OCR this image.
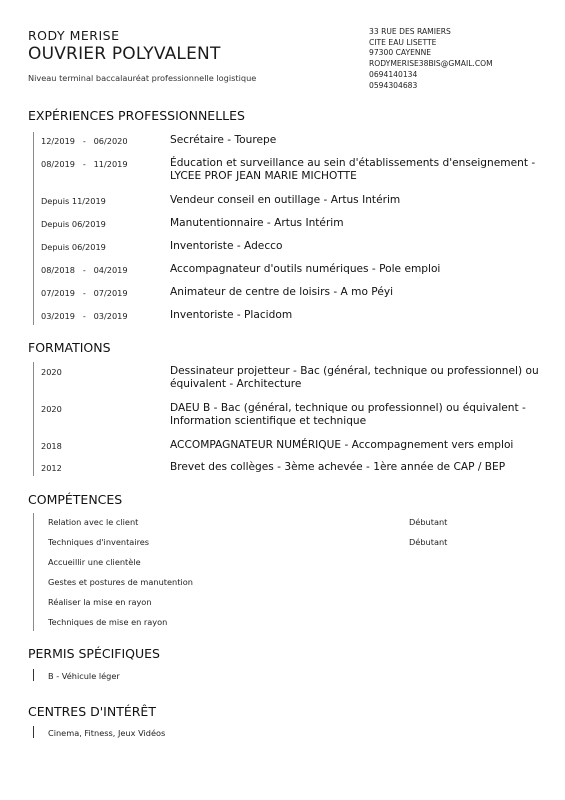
RODY MERISE
OUVRIER POLYVALENT
Niveau terminal baccalauréat professionnelle logistique
33 RUE DES RAMIERS
CITE EAU LISETTE
97300 CAYENNE
RODYMERISE38BIS@GMAIL.COM
0694140134
0594304683
EXPÉRIENCES PROFESSIONNELLES
12/2019   -   06/2020	Secrétaire - Tourepe
08/2019   -   11/2019	Éducation et surveillance au sein d'établissements d'enseignement - LYCEE PROF JEAN MARIE MICHOTTE
Depuis 11/2019	Vendeur conseil en outillage - Artus Intérim
Depuis 06/2019	Manutentionnaire - Artus Intérim
Depuis 06/2019	Inventoriste - Adecco
08/2018   -   04/2019	Accompagnateur d'outils numériques - Pole emploi
07/2019   -   07/2019	Animateur de centre de loisirs - A mo Péyi
03/2019   -   03/2019	Inventoriste - Placidom
FORMATIONS
2020	Dessinateur projetteur - Bac (général, technique ou professionnel) ou équivalent - Architecture
2020	DAEU B - Bac (général, technique ou professionnel) ou équivalent - Information scientifique et technique
2018	ACCOMPAGNATEUR NUMÉRIQUE - Accompagnement vers emploi
2012	Brevet des collèges - 3ème achevée - 1ère année de CAP / BEP
COMPÉTENCES
Relation avec le client	Débutant
Techniques d'inventaires	Débutant
Accueillir une clientèle
Gestes et postures de manutention
Réaliser la mise en rayon
Techniques de mise en rayon
PERMIS SPÉCIFIQUES
B - Véhicule léger
CENTRES D'INTÉRÊT
Cinema, Fitness, Jeux Vidéos
